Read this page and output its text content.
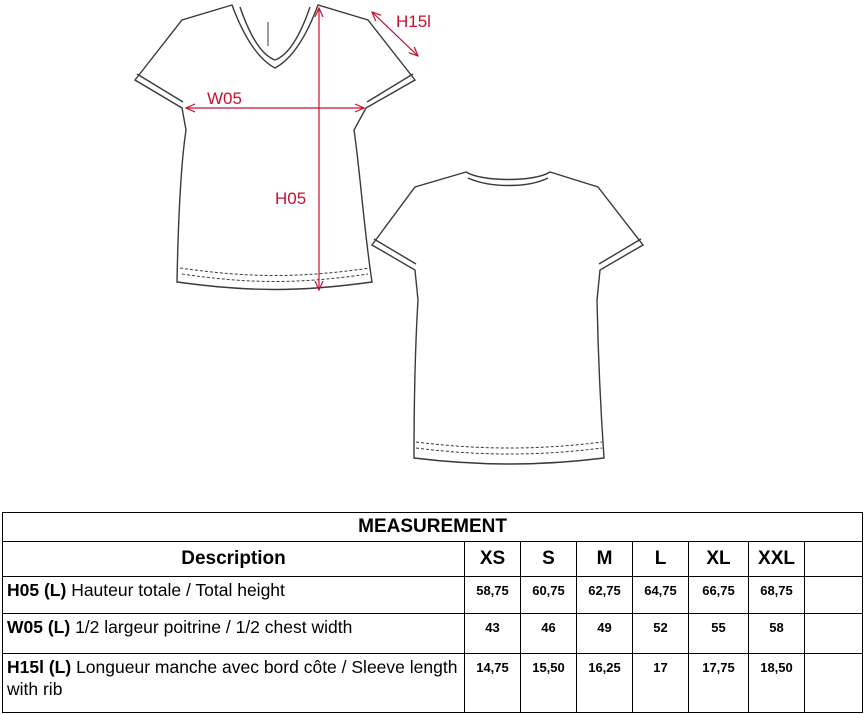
H15l
W05
H05
MEASUREMENT							
Description	XS	S	M	L	XL	XXL	
H05 (L) Hauteur totale / Total height	58,75	60,75	62,75	64,75	66,75	68,75	
W05 (L) 1/2 largeur poitrine / 1/2 chest width	43	46	49	52	55	58	
H15l (L) Longueur manche avec bord côte / Sleeve length with rib	14,75	15,50	16,25	17	17,75	18,50	
